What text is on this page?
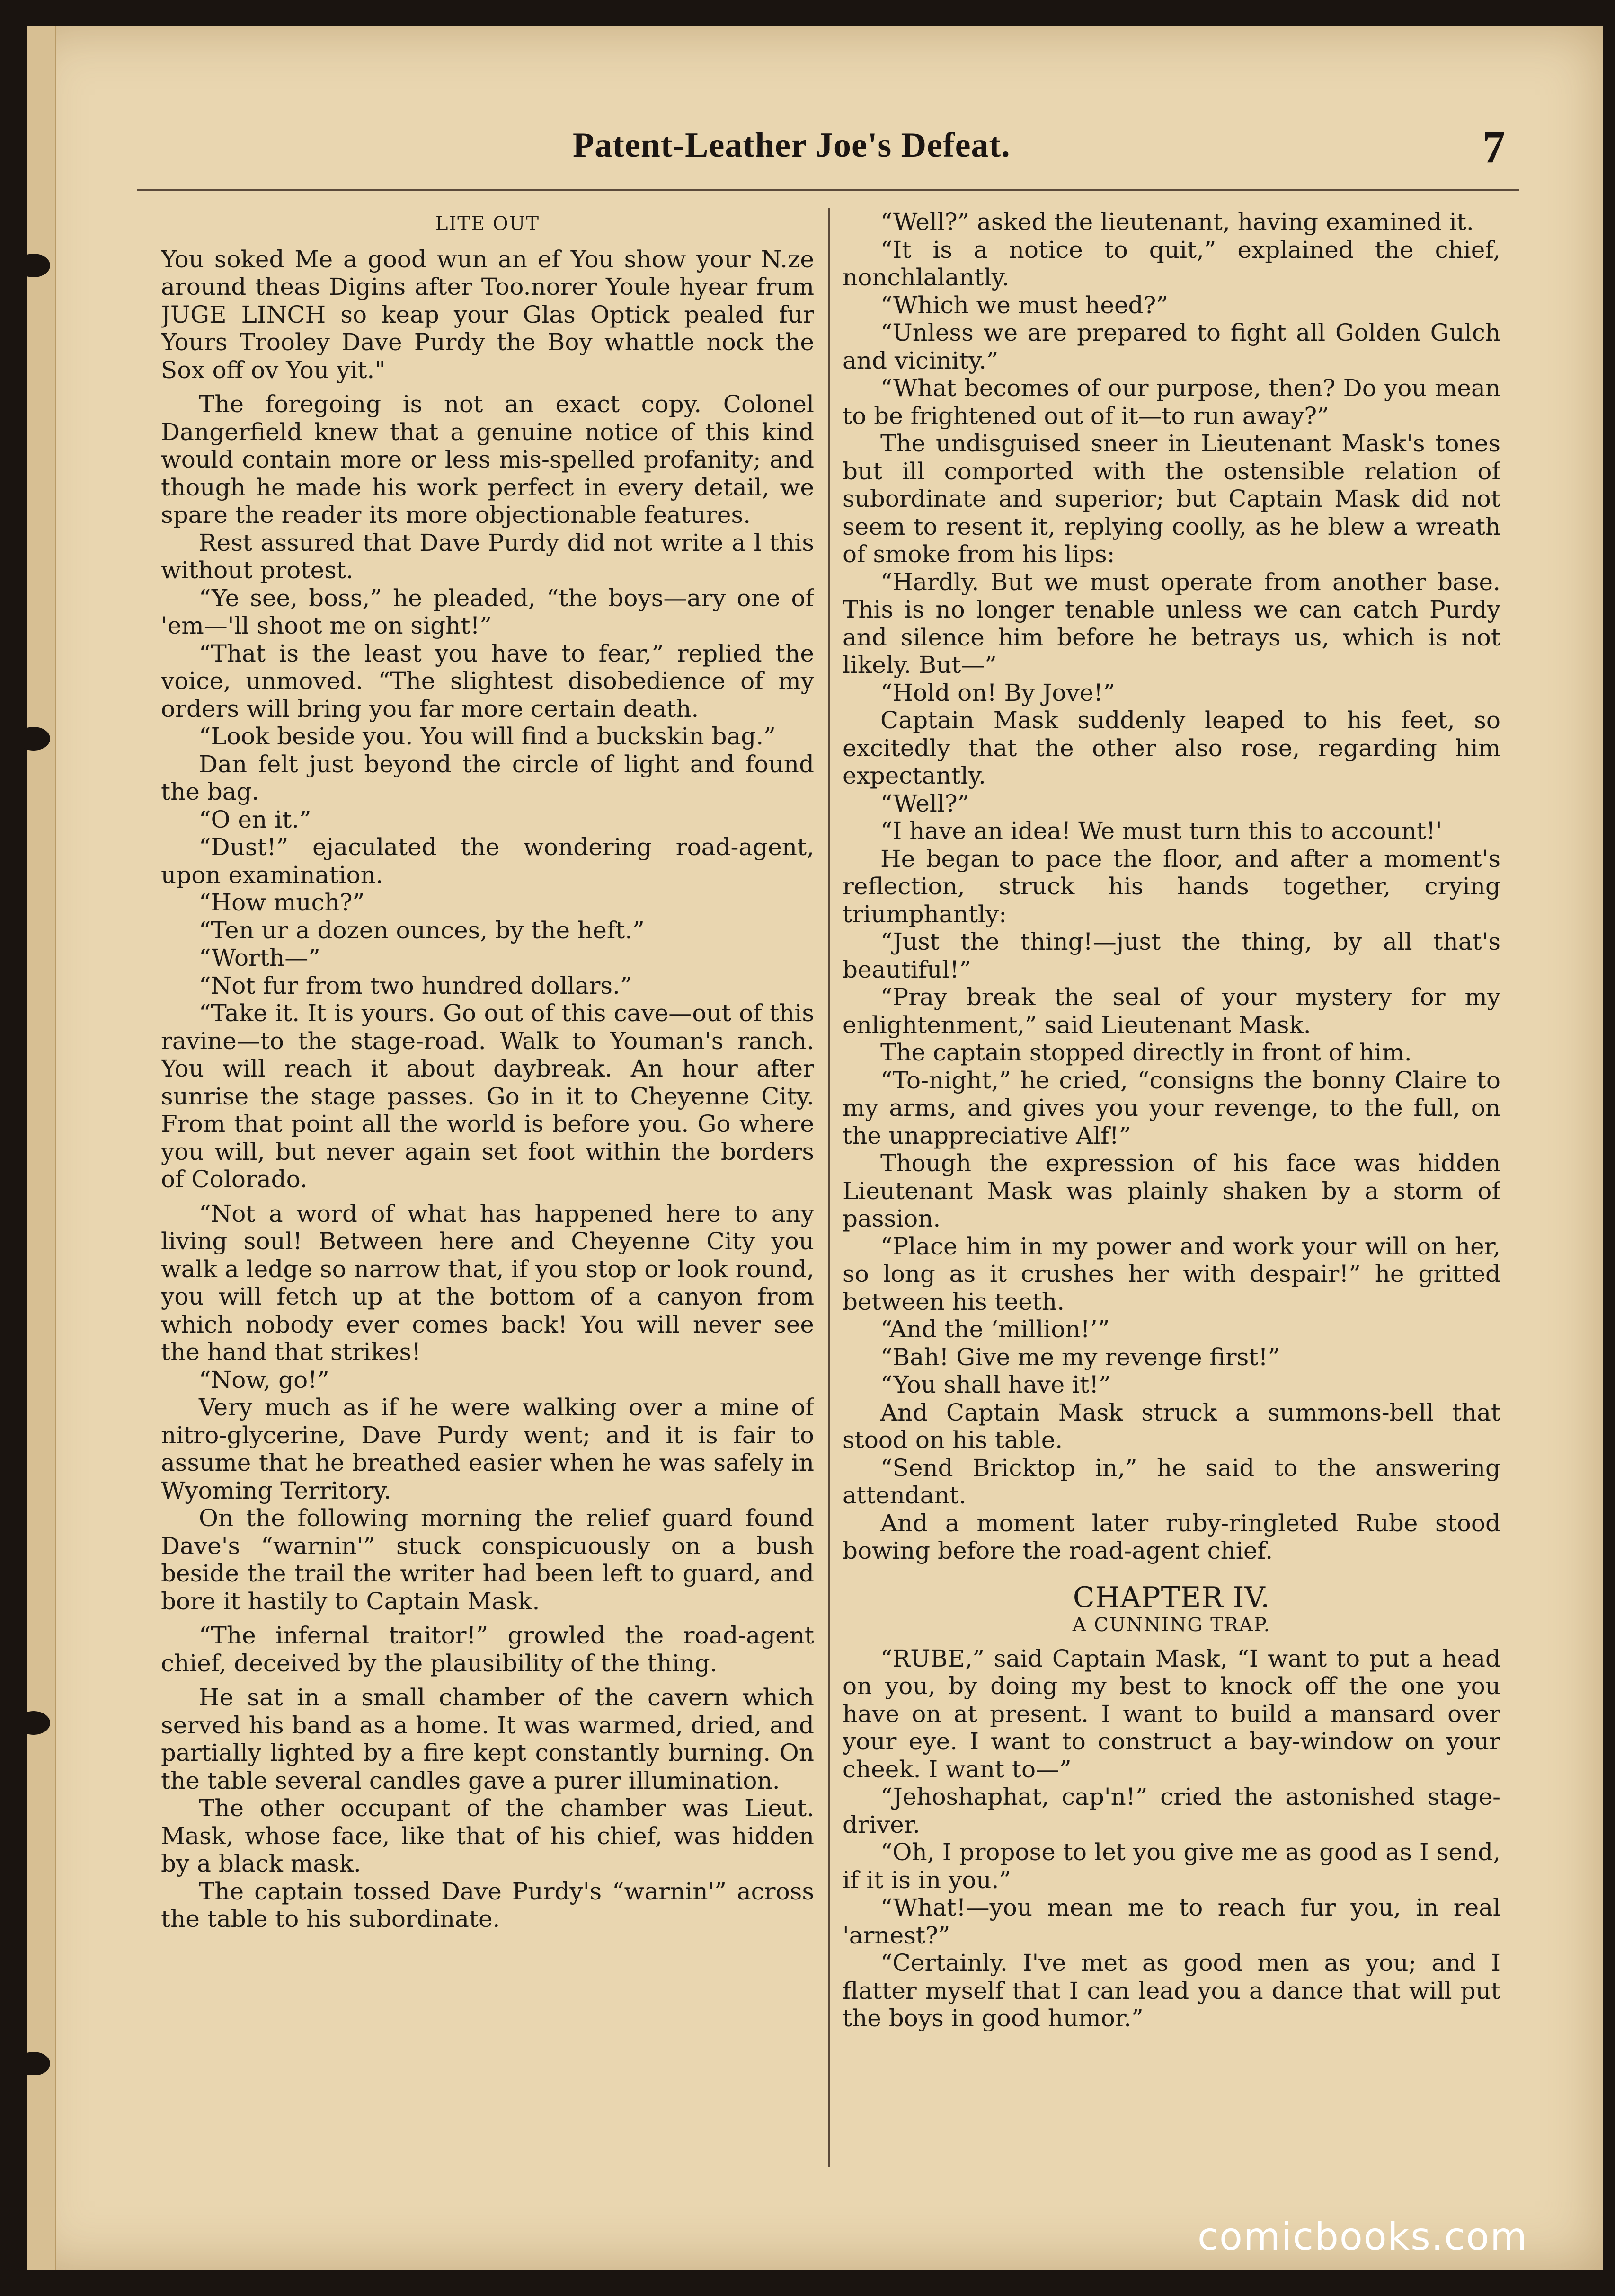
Patent-Leather Joe's Defeat.	7
LITE OUT

You soked Me a good wun an ef You show your N.ze around theas Digins after Too.norer Youle hyear frum JUGE LINCH so keap your Glas Optick pealed fur Yours Trooley Dave Purdy the Boy whattle nock the Sox off ov You yit."

The foregoing is not an exact copy. Colonel Dangerfield knew that a genuine notice of this kind would contain more or less mis-spelled profanity; and though he made his work perfect in every detail, we spare the reader its more objectionable features.

Rest assured that Dave Purdy did not write a l this without protest.

“Ye see, boss,” he pleaded, “the boys—ary one of 'em—'ll shoot me on sight!”

“That is the least you have to fear,” replied the voice, unmoved. “The slightest disobedience of my orders will bring you far more certain death.

“Look beside you. You will find a buckskin bag.”

Dan felt just beyond the circle of light and found the bag.

“O en it.”

“Dust!” ejaculated the wondering road-agent, upon examination.

“How much?”

“Ten ur a dozen ounces, by the heft.”

“Worth—”

“Not fur from two hundred dollars.”

“Take it. It is yours. Go out of this cave—out of this ravine—to the stage-road. Walk to Youman's ranch. You will reach it about daybreak. An hour after sunrise the stage passes. Go in it to Cheyenne City. From that point all the world is before you. Go where you will, but never again set foot within the borders of Colorado.

“Not a word of what has happened here to any living soul! Between here and Cheyenne City you walk a ledge so narrow that, if you stop or look round, you will fetch up at the bottom of a canyon from which nobody ever comes back! You will never see the hand that strikes!

“Now, go!”

Very much as if he were walking over a mine of nitro-glycerine, Dave Purdy went; and it is fair to assume that he breathed easier when he was safely in Wyoming Territory.

On the following morning the relief guard found Dave's “warnin'” stuck conspicuously on a bush beside the trail the writer had been left to guard, and bore it hastily to Captain Mask.

“The infernal traitor!” growled the road-agent chief, deceived by the plausibility of the thing.

He sat in a small chamber of the cavern which served his band as a home. It was warmed, dried, and partially lighted by a fire kept constantly burning. On the table several candles gave a purer illumination.

The other occupant of the chamber was Lieut. Mask, whose face, like that of his chief, was hidden by a black mask.

The captain tossed Dave Purdy's “warnin'” across the table to his subordinate.

“Well?” asked the lieutenant, having examined it.

“It is a notice to quit,” explained the chief, nonchlalantly.

“Which we must heed?”

“Unless we are prepared to fight all Golden Gulch and vicinity.”

“What becomes of our purpose, then? Do you mean to be frightened out of it—to run away?”

The undisguised sneer in Lieutenant Mask's tones but ill comported with the ostensible relation of subordinate and superior; but Captain Mask did not seem to resent it, replying coolly, as he blew a wreath of smoke from his lips:

“Hardly. But we must operate from another base. This is no longer tenable unless we can catch Purdy and silence him before he betrays us, which is not likely. But—”

“Hold on! By Jove!”

Captain Mask suddenly leaped to his feet, so excitedly that the other also rose, regarding him expectantly.

“Well?”

“I have an idea! We must turn this to account!'

He began to pace the floor, and after a moment's reflection, struck his hands together, crying triumphantly:

“Just the thing!—just the thing, by all that's beautiful!”

“Pray break the seal of your mystery for my enlightenment,” said Lieutenant Mask.

The captain stopped directly in front of him.

“To-night,” he cried, “consigns the bonny Claire to my arms, and gives you your revenge, to the full, on the unappreciative Alf!”

Though the expression of his face was hidden Lieutenant Mask was plainly shaken by a storm of passion.

“Place him in my power and work your will on her, so long as it crushes her with despair!” he gritted between his teeth.

“And the ‘million!’”

“Bah! Give me my revenge first!”

“You shall have it!”

And Captain Mask struck a summons-bell that stood on his table.

“Send Bricktop in,” he said to the answering attendant.

And a moment later ruby-ringleted Rube stood bowing before the road-agent chief.

CHAPTER IV.
A CUNNING TRAP.

“RUBE,” said Captain Mask, “I want to put a head on you, by doing my best to knock off the one you have on at present. I want to build a mansard over your eye. I want to construct a bay-window on your cheek. I want to—”

“Jehoshaphat, cap'n!” cried the astonished stage-driver.

“Oh, I propose to let you give me as good as I send, if it is in you.”

“What!—you mean me to reach fur you, in real 'arnest?”

“Certainly. I've met as good men as you; and I flatter myself that I can lead you a dance that will put the boys in good humor.”

comicbooks.com
